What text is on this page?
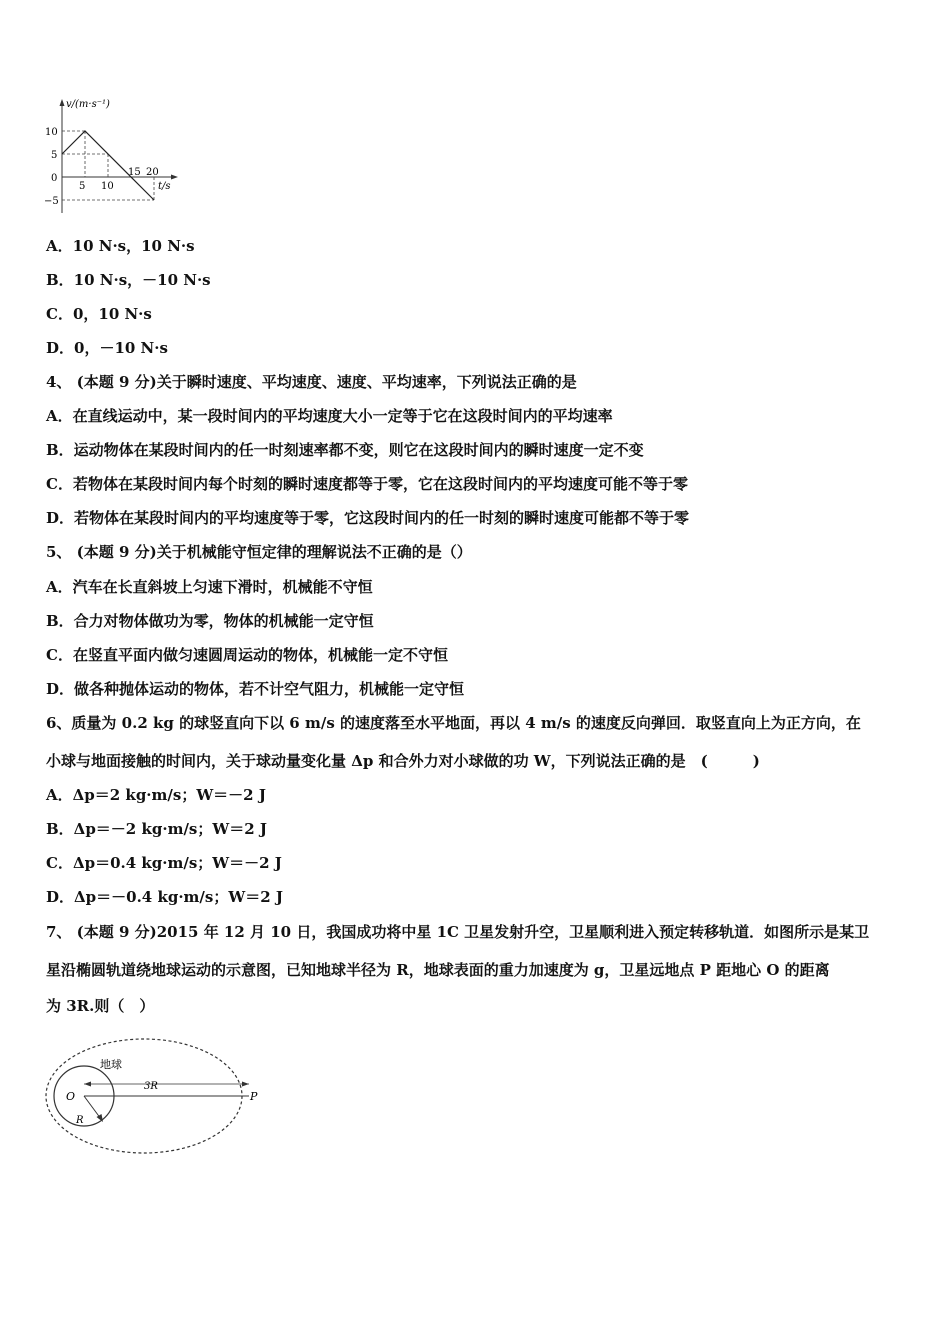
v/(m·s⁻¹)
t/s
10
5
0
−5
5 10
15 20
A．10 N·s，10 N·s
B．10 N·s，－10 N·s
C．0，10 N·s
D．0，－10 N·s
4、 (本题 9 分)关于瞬时速度、平均速度、速度、平均速率，下列说法正确的是
A．在直线运动中，某一段时间内的平均速度大小一定等于它在这段时间内的平均速率
B．运动物体在某段时间内的任一时刻速率都不变，则它在这段时间内的瞬时速度一定不变
C．若物体在某段时间内每个时刻的瞬时速度都等于零，它在这段时间内的平均速度可能不等于零
D．若物体在某段时间内的平均速度等于零，它这段时间内的任一时刻的瞬时速度可能都不等于零
5、 (本题 9 分)关于机械能守恒定律的理解说法不正确的是（）
A．汽车在长直斜坡上匀速下滑时，机械能不守恒
B．合力对物体做功为零，物体的机械能一定守恒
C．在竖直平面内做匀速圆周运动的物体，机械能一定不守恒
D．做各种抛体运动的物体，若不计空气阻力，机械能一定守恒
6、质量为 0.2 kg 的球竖直向下以 6 m/s 的速度落至水平地面，再以 4 m/s 的速度反向弹回．取竖直向上为正方向，在
小球与地面接触的时间内，关于球动量变化量 Δp 和合外力对小球做的功 W，下列说法正确的是　(　　　)
A．Δp＝2 kg·m/s；W＝－2 J
B．Δp＝－2 kg·m/s；W＝2 J
C．Δp＝0.4 kg·m/s；W＝－2 J
D．Δp＝－0.4 kg·m/s；W＝2 J
7、 (本题 9 分)2015 年 12 月 10 日，我国成功将中星 1C 卫星发射升空，卫星顺利进入预定转移轨道．如图所示是某卫
星沿椭圆轨道绕地球运动的示意图，已知地球半径为 R，地球表面的重力加速度为 g，卫星远地点 P 距地心 O 的距离
为 3R.则（　）
地球
3R
O
R
P
